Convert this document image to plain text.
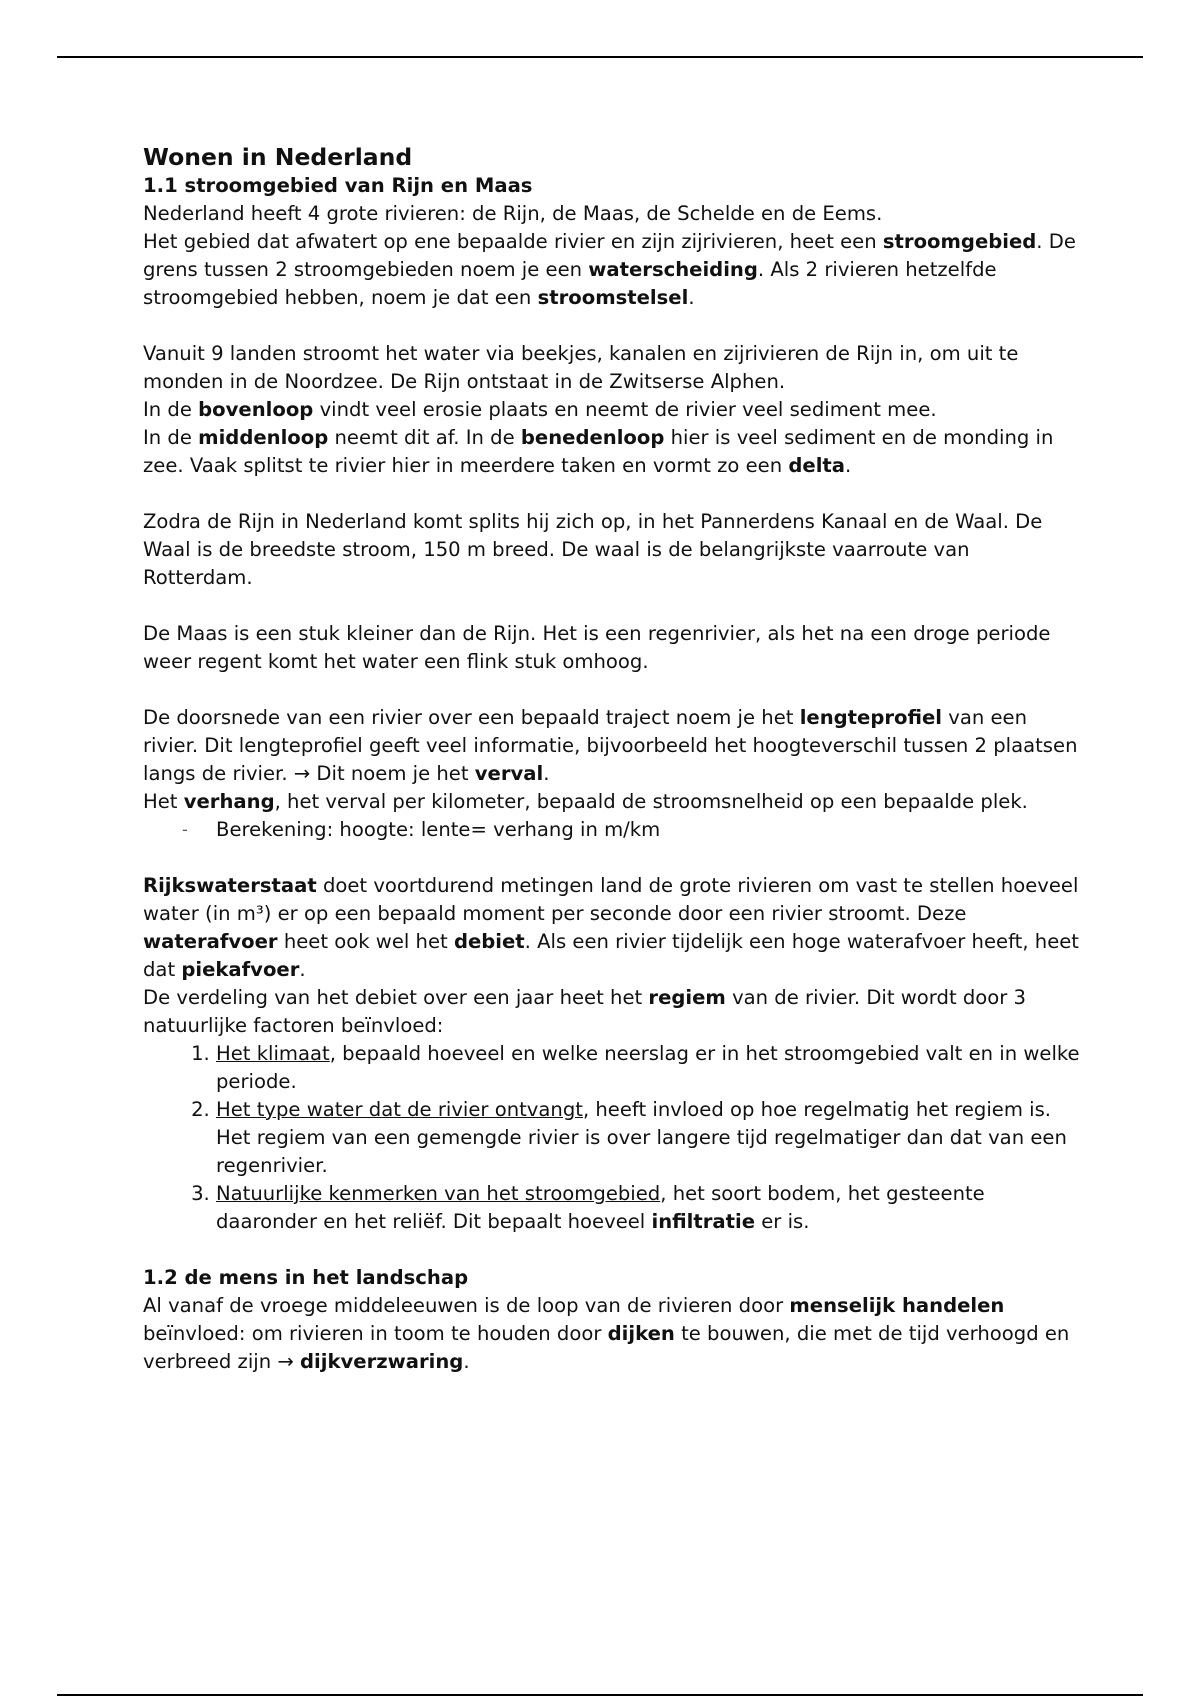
Wonen in Nederland
1.1 stroomgebied van Rijn en Maas

Nederland heeft 4 grote rivieren: de Rijn, de Maas, de Schelde en de Eems.
Het gebied dat afwatert op ene bepaalde rivier en zijn zijrivieren, heet een stroomgebied. De grens tussen 2 stroomgebieden noem je een waterscheiding. Als 2 rivieren hetzelfde stroomgebied hebben, noem je dat een stroomstelsel.

Vanuit 9 landen stroomt het water via beekjes, kanalen en zijrivieren de Rijn in, om uit te monden in de Noordzee. De Rijn ontstaat in de Zwitserse Alphen.
In de bovenloop vindt veel erosie plaats en neemt de rivier veel sediment mee.
In de middenloop neemt dit af. In de benedenloop hier is veel sediment en de monding in zee. Vaak splitst te rivier hier in meerdere taken en vormt zo een delta.

Zodra de Rijn in Nederland komt splits hij zich op, in het Pannerdens Kanaal en de Waal. De Waal is de breedste stroom, 150 m breed. De waal is de belangrijkste vaarroute van Rotterdam.

De Maas is een stuk kleiner dan de Rijn. Het is een regenrivier, als het na een droge periode weer regent komt het water een flink stuk omhoog.

De doorsnede van een rivier over een bepaald traject noem je het lengteprofiel van een rivier. Dit lengteprofiel geeft veel informatie, bijvoorbeeld het hoogteverschil tussen 2 plaatsen langs de rivier. → Dit noem je het verval.
Het verhang, het verval per kilometer, bepaald de stroomsnelheid op een bepaalde plek.

- Berekening: hoogte: lente= verhang in m/km

Rijkswaterstaat doet voortdurend metingen land de grote rivieren om vast te stellen hoeveel water (in m³) er op een bepaald moment per seconde door een rivier stroomt. Deze waterafvoer heet ook wel het debiet. Als een rivier tijdelijk een hoge waterafvoer heeft, heet dat piekafvoer.
De verdeling van het debiet over een jaar heet het regiem van de rivier. Dit wordt door 3 natuurlijke factoren beïnvloed:

1. Het klimaat, bepaald hoeveel en welke neerslag er in het stroomgebied valt en in welke periode.
2. Het type water dat de rivier ontvangt, heeft invloed op hoe regelmatig het regiem is. Het regiem van een gemengde rivier is over langere tijd regelmatiger dan dat van een regenrivier.
3. Natuurlijke kenmerken van het stroomgebied, het soort bodem, het gesteente daaronder en het reliëf. Dit bepaalt hoeveel infiltratie er is.
1.2 de mens in het landschap

Al vanaf de vroege middeleeuwen is de loop van de rivieren door menselijk handelen beïnvloed: om rivieren in toom te houden door dijken te bouwen, die met de tijd verhoogd en verbreed zijn → dijkverzwaring.
